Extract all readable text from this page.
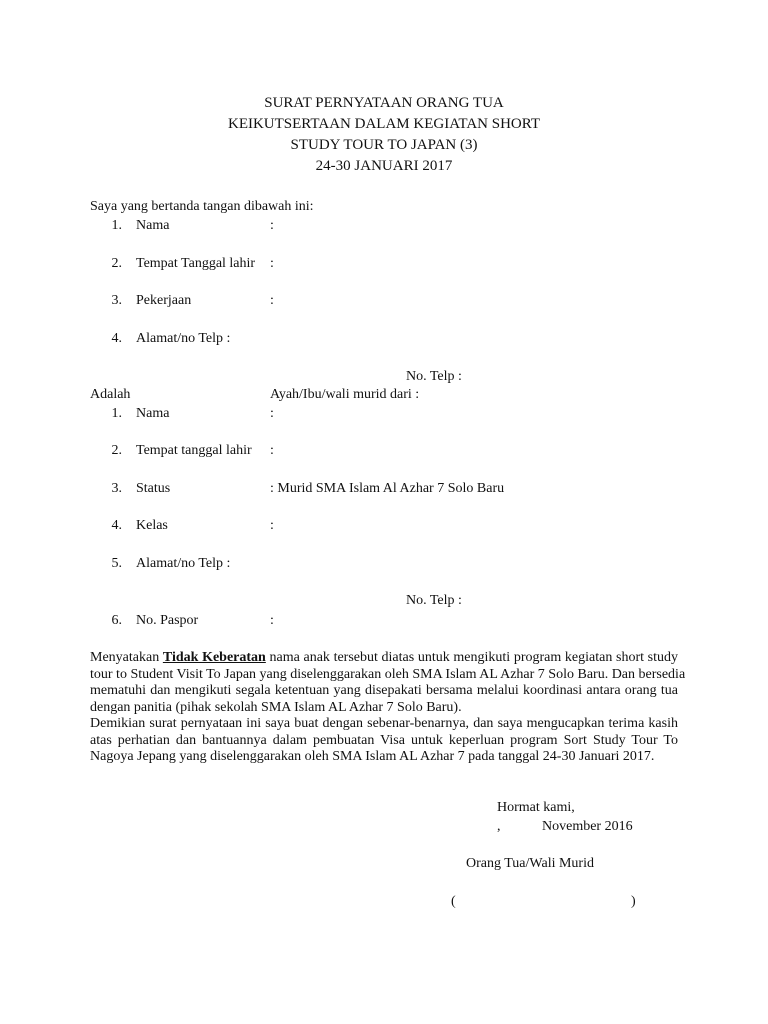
SURAT PERNYATAAN ORANG TUA
KEIKUTSERTAAN DALAM KEGIATAN SHORT
STUDY TOUR TO JAPAN (3)
24-30 JANUARI 2017
Saya yang bertanda tangan dibawah ini:
1. Nama	:
2. Tempat Tanggal lahir :
3. Pekerjaan	:
4. Alamat/no Telp :
No. Telp :
Adalah	Ayah/Ibu/wali murid dari :
1. Nama	:
2. Tempat tanggal lahir :
3. Status	: Murid SMA Islam Al Azhar 7 Solo Baru
4. Kelas	:
5. Alamat/no Telp :
No. Telp :
6. No. Paspor	:
Menyatakan Tidak Keberatan nama anak tersebut diatas untuk mengikuti program kegiatan short study
tour to Student Visit To Japan yang diselenggarakan oleh SMA Islam AL Azhar 7 Solo Baru. Dan bersedia
mematuhi dan mengikuti segala ketentuan yang disepakati bersama melalui koordinasi antara orang tua
dengan panitia (pihak sekolah SMA Islam AL Azhar 7 Solo Baru).
Demikian surat pernyataan ini saya buat dengan sebenar-benarnya, dan saya mengucapkan terima kasih
atas perhatian dan bantuannya dalam pembuatan Visa untuk keperluan program Sort Study Tour To
Nagoya Jepang yang diselenggarakan oleh SMA Islam AL Azhar 7 pada tanggal 24-30 Januari 2017.
Hormat kami,
,	November 2016
Orang Tua/Wali Murid
(	)
